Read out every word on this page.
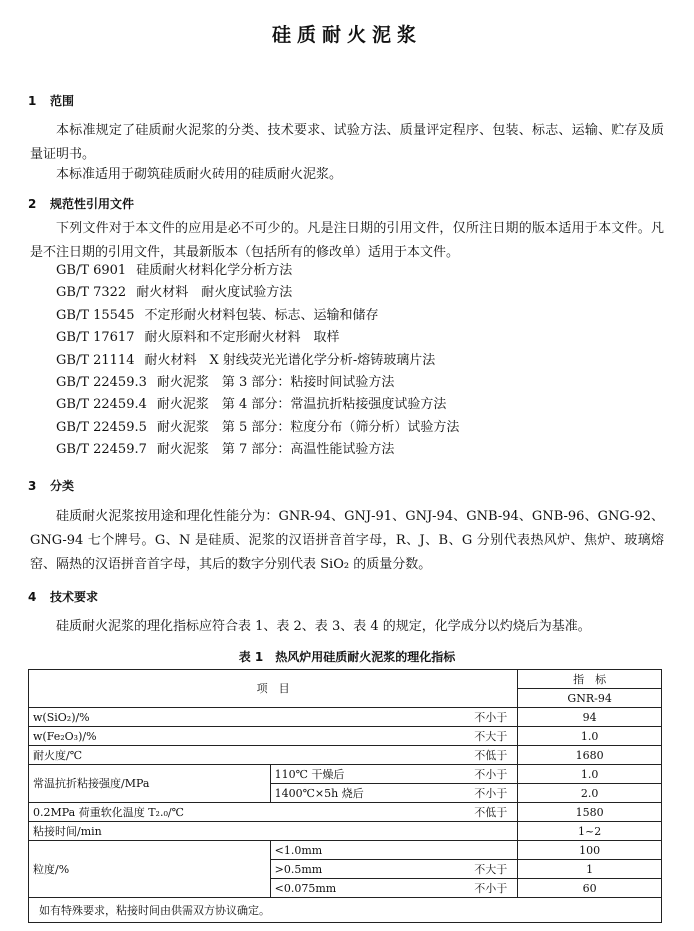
硅质耐火泥浆
1 范围
本标准规定了硅质耐火泥浆的分类、技术要求、试验方法、质量评定程序、包装、标志、运输、贮存及质量证明书。
本标准适用于砌筑硅质耐火砖用的硅质耐火泥浆。
2 规范性引用文件
下列文件对于本文件的应用是必不可少的。凡是注日期的引用文件，仅所注日期的版本适用于本文件。凡是不注日期的引用文件，其最新版本（包括所有的修改单）适用于本文件。
GB/T 6901 硅质耐火材料化学分析方法
GB/T 7322 耐火材料　耐火度试验方法
GB/T 15545 不定形耐火材料包装、标志、运输和储存
GB/T 17617 耐火原料和不定形耐火材料　取样
GB/T 21114 耐火材料　X 射线荧光光谱化学分析-熔铸玻璃片法
GB/T 22459.3 耐火泥浆　第 3 部分：粘接时间试验方法
GB/T 22459.4 耐火泥浆　第 4 部分：常温抗折粘接强度试验方法
GB/T 22459.5 耐火泥浆　第 5 部分：粒度分布（筛分析）试验方法
GB/T 22459.7 耐火泥浆　第 7 部分：高温性能试验方法
3 分类
硅质耐火泥浆按用途和理化性能分为：GNR-94、GNJ-91、GNJ-94、GNB-94、GNB-96、GNG-92、GNG-94 七个牌号。G、N 是硅质、泥浆的汉语拼音首字母，R、J、B、G 分别代表热风炉、焦炉、玻璃熔窑、隔热的汉语拼音首字母，其后的数字分别代表 SiO₂ 的质量分数。
4 技术要求
硅质耐火泥浆的理化指标应符合表 1、表 2、表 3、表 4 的规定，化学成分以灼烧后为基准。
表 1　热风炉用硅质耐火泥浆的理化指标
项　目			指　标
			GNR-94
w(SiO₂)/%		不小于	94
w(Fe₂O₃)/%		不大于	1.0
耐火度/℃		不低于	1680
常温抗折粘接强度/MPa	110℃ 干燥后	不小于	1.0
	1400℃×5h 烧后	不小于	2.0
0.2MPa 荷重软化温度 T₂.₀/℃		不低于	1580
粘接时间/min			1~2
粒度/%	<1.0mm		100
	>0.5mm	不大于	1
	<0.075mm	不小于	60
如有特殊要求，粘接时间由供需双方协议确定。			
